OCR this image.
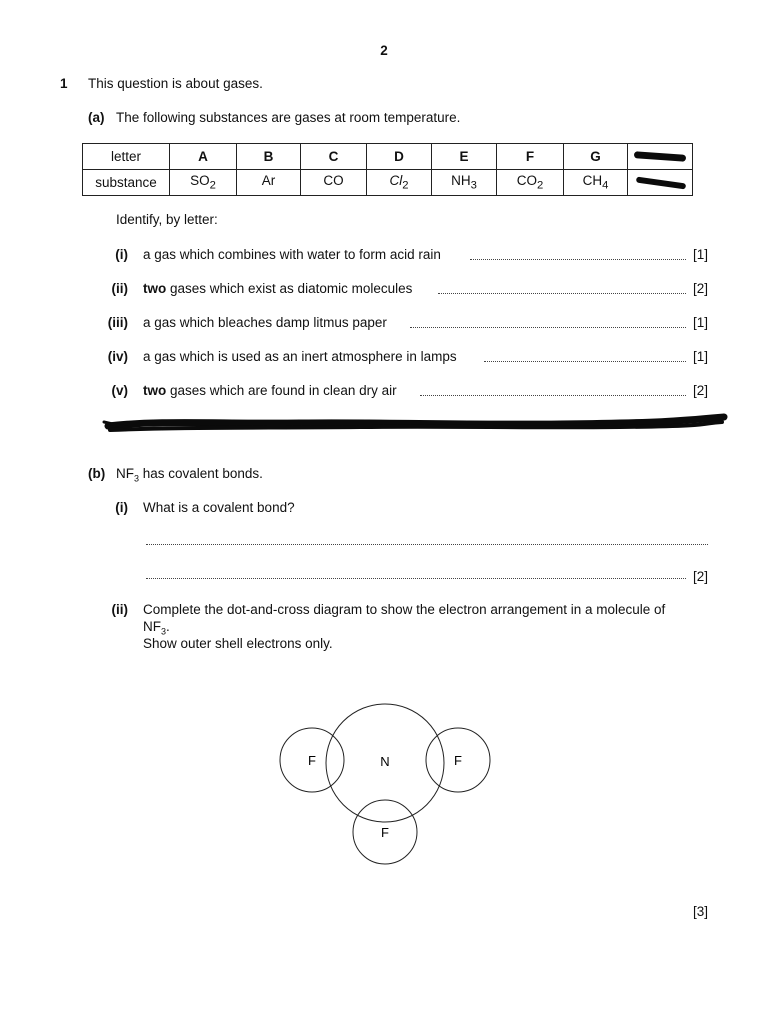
2
1 This question is about gases.
(a) The following substances are gases at room temperature.
letter	A	B	C	D	E	F	G	

substance	$SO_2$	Ar	CO	$Cl_2$	$NH_3$	$CO_2$	$CH_4$	
Identify, by letter:
(i) a gas which combines with water to form acid rain	[1]
(ii) two gases which exist as diatomic molecules	[2]
(iii) a gas which bleaches damp litmus paper	[1]
(iv) a gas which is used as an inert atmosphere in lamps	[1]
(v) two gases which are found in clean dry air	[2]
(b) $NF_3$ has covalent bonds.
(i) What is a covalent bond?
[2]
(ii) Complete the dot-and-cross diagram to show the electron arrangement in a molecule of
$NF_3$.
Show outer shell electrons only.
N
F	F
F
[3]
